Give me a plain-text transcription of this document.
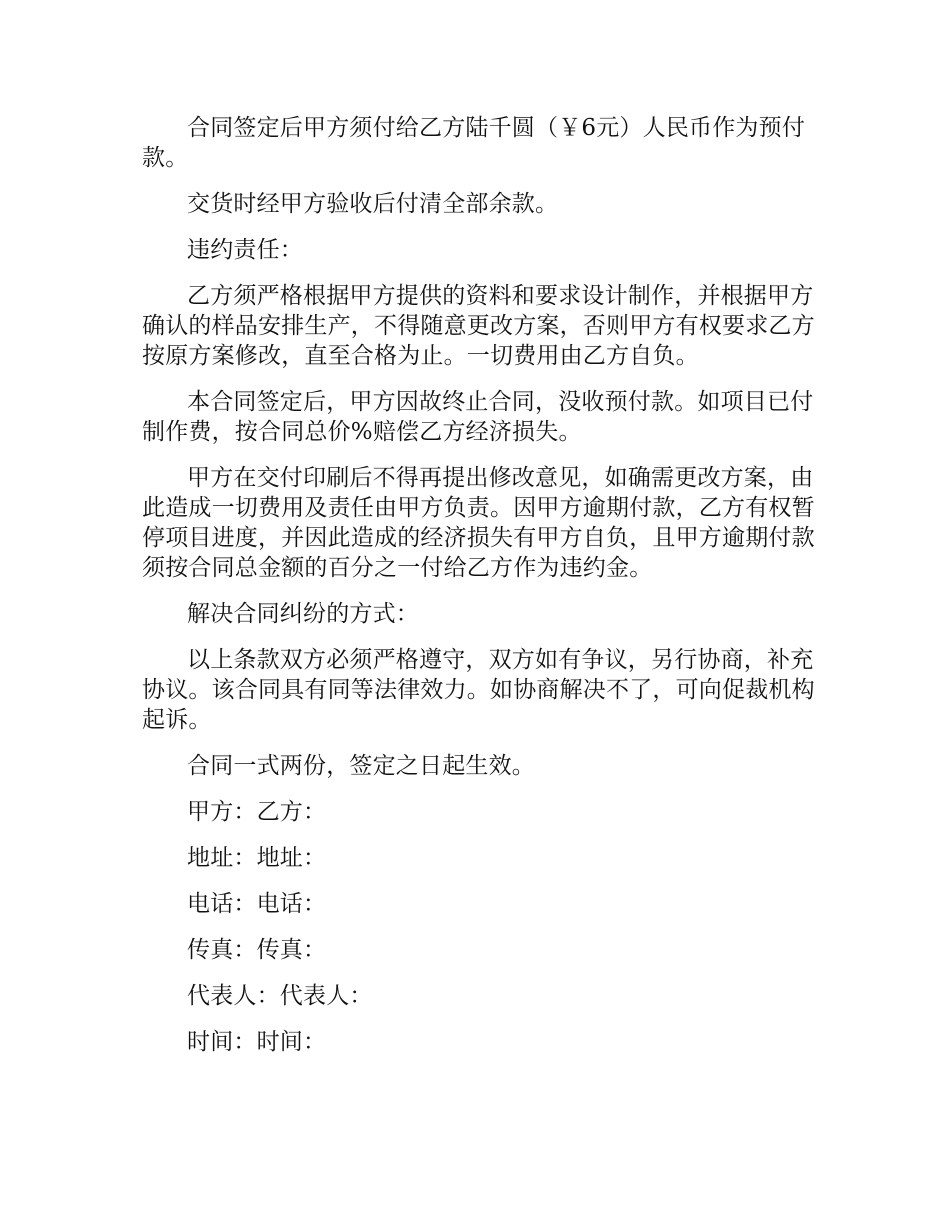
合同签定后甲方须付给乙方陆千圆（￥6元）人民币作为预付款。

交货时经甲方验收后付清全部余款。

违约责任：

乙方须严格根据甲方提供的资料和要求设计制作，并根据甲方确认的样品安排生产，不得随意更改方案，否则甲方有权要求乙方按原方案修改，直至合格为止。一切费用由乙方自负。

本合同签定后，甲方因故终止合同，没收预付款。如项目已付制作费，按合同总价%赔偿乙方经济损失。

甲方在交付印刷后不得再提出修改意见，如确需更改方案，由此造成一切费用及责任由甲方负责。因甲方逾期付款，乙方有权暂停项目进度，并因此造成的经济损失有甲方自负，且甲方逾期付款须按合同总金额的百分之一付给乙方作为违约金。

解决合同纠纷的方式：

以上条款双方必须严格遵守，双方如有争议，另行协商，补充协议。该合同具有同等法律效力。如协商解决不了，可向促裁机构起诉。

合同一式两份，签定之日起生效。

甲方：乙方：

地址：地址：

电话：电话：

传真：传真：

代表人：代表人：

时间：时间：
